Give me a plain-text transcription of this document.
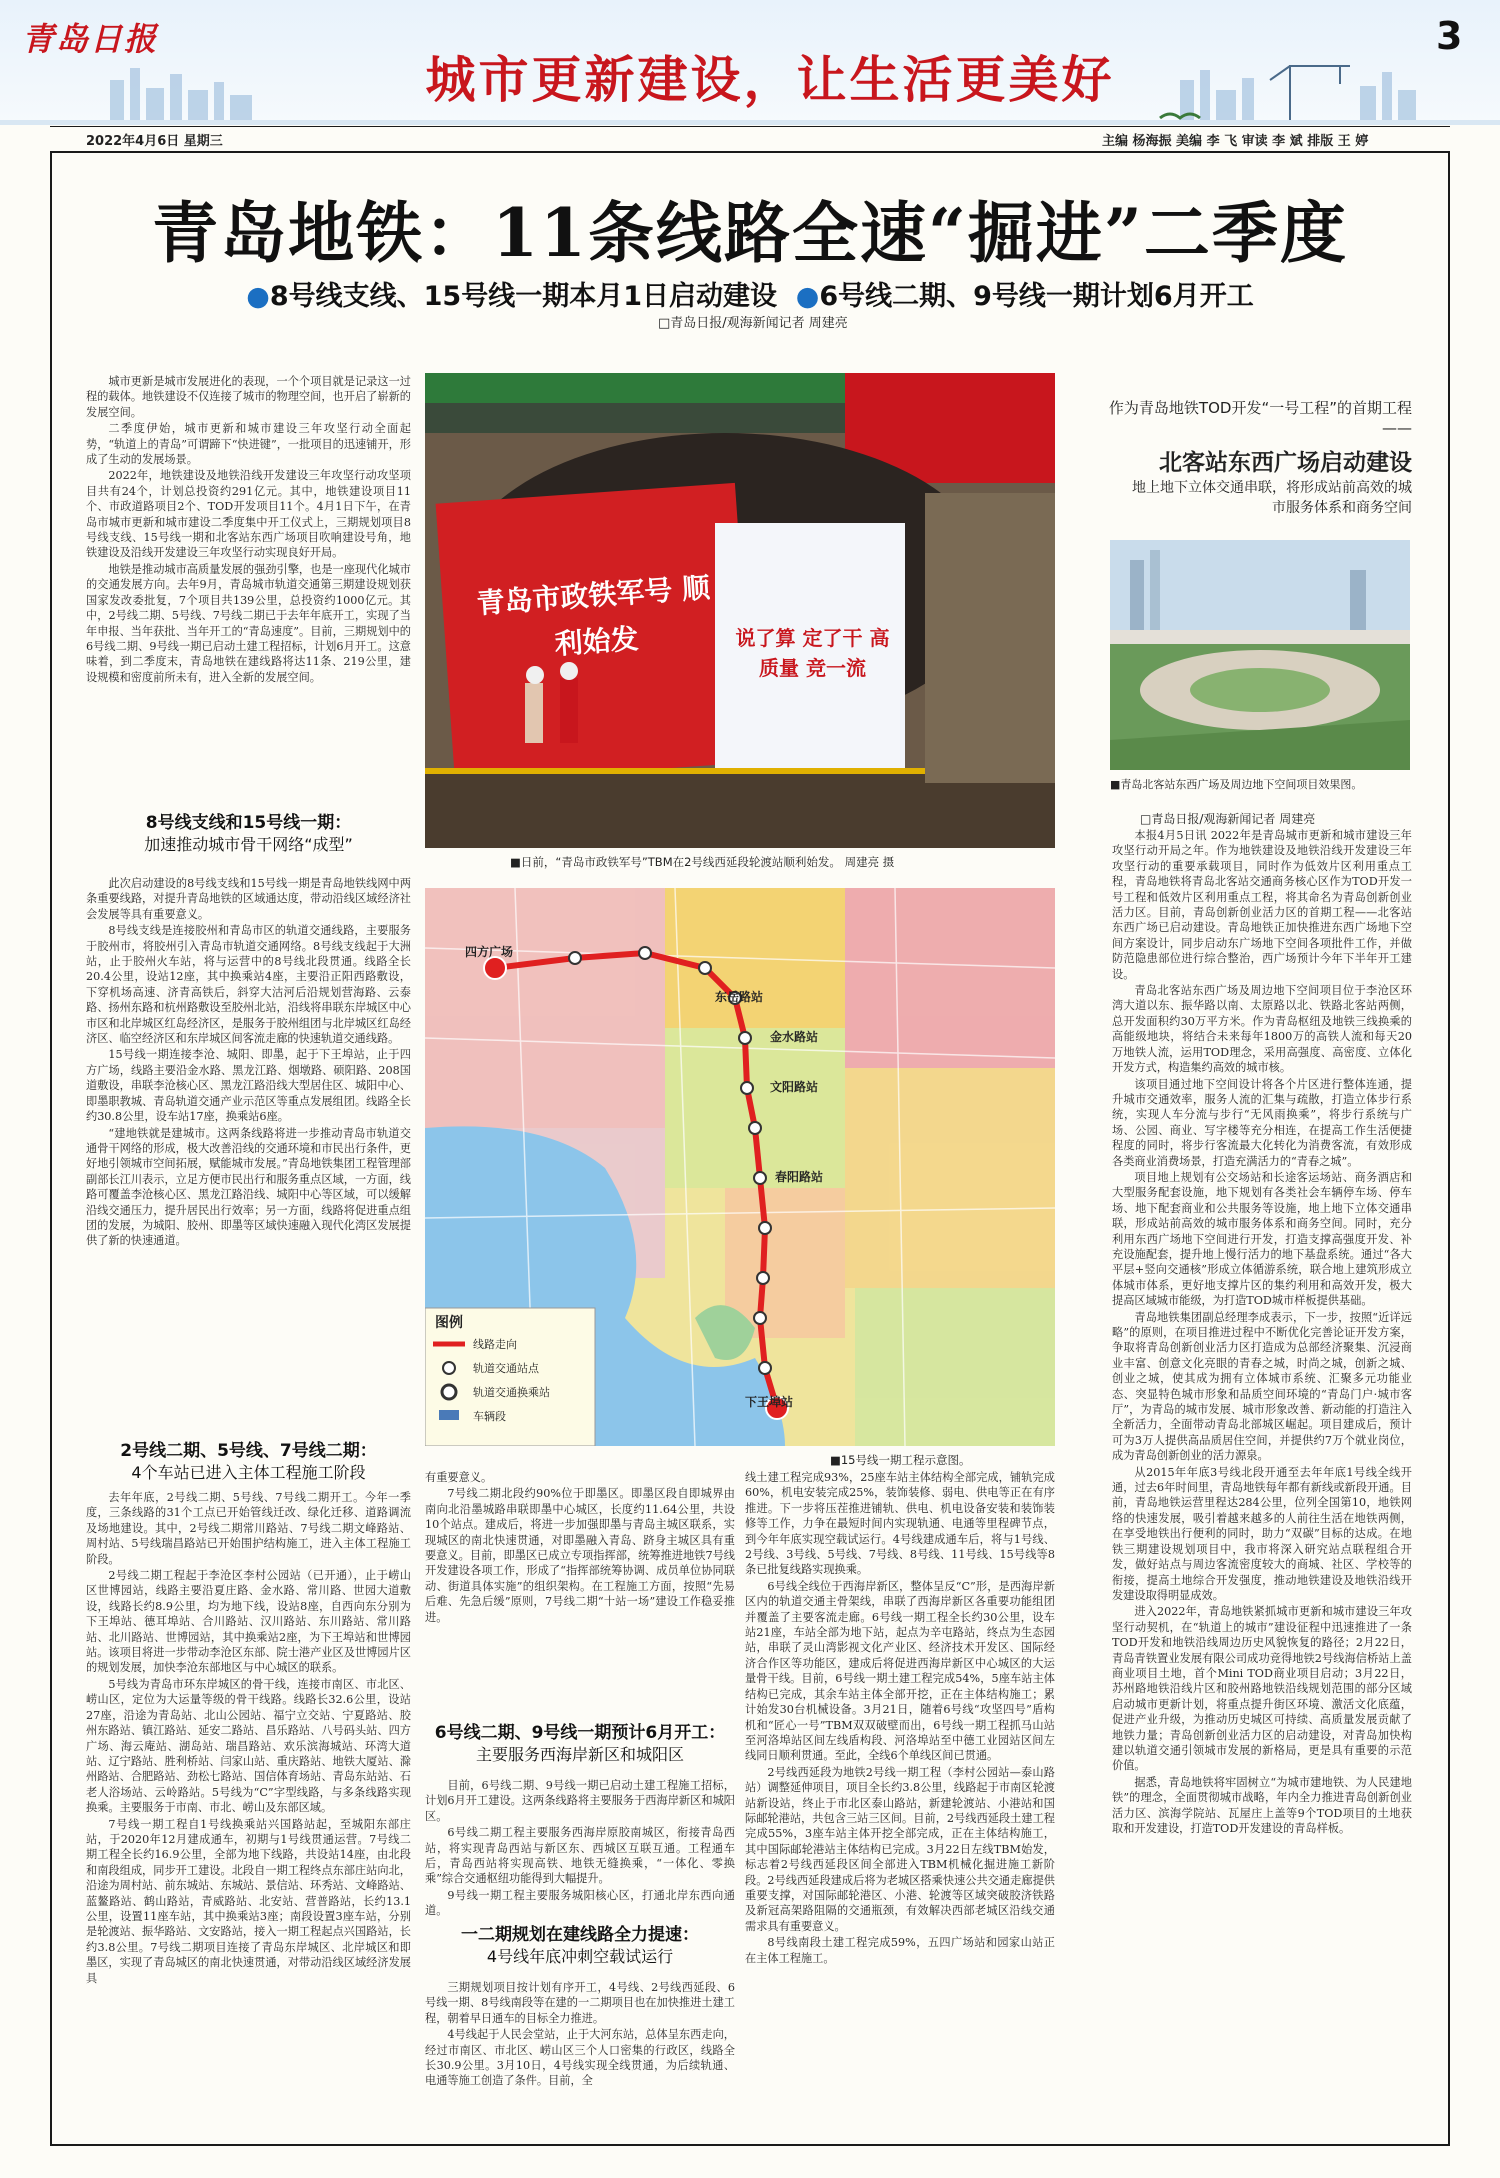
青岛日报
城市更新建设，让生活更美好
3
2022年4月6日 星期三	主编 杨海振 美编 李 飞 审读 李 斌 排版 王 婷
青岛地铁：11条线路全速“掘进”二季度
●8号线支线、15号线一期本月1日启动建设 ●6号线二期、9号线一期计划6月开工
□青岛日报/观海新闻记者 周建亮

城市更新是城市发展进化的表现，一个个项目就是记录这一过程的载体。地铁建设不仅连接了城市的物理空间，也开启了崭新的发展空间。

二季度伊始，城市更新和城市建设三年攻坚行动全面起势，“轨道上的青岛”可谓蹄下“快进键”，一批项目的迅速铺开，形成了生动的发展场景。

2022年，地铁建设及地铁沿线开发建设三年攻坚行动攻坚项目共有24个，计划总投资约291亿元。其中，地铁建设项目11个、市政道路项目2个、TOD开发项目11个。4月1日下午，在青岛市城市更新和城市建设二季度集中开工仪式上，三期规划项目8号线支线、15号线一期和北客站东西广场项目吹响建设号角，地铁建设及沿线开发建设三年攻坚行动实现良好开局。

地铁是推动城市高质量发展的强劲引擎，也是一座现代化城市的交通发展方向。去年9月，青岛城市轨道交通第三期建设规划获国家发改委批复，7个项目共139公里，总投资约1000亿元。其中，2号线二期、5号线、7号线二期已于去年年底开工，实现了当年申报、当年获批、当年开工的“青岛速度”。目前，三期规划中的6号线二期、9号线一期已启动土建工程招标，计划6月开工。这意味着，到二季度末，青岛地铁在建线路将达11条、219公里，建设规模和密度前所未有，进入全新的发展空间。

8号线支线和15号线一期：
加速推动城市骨干网络“成型”

此次启动建设的8号线支线和15号线一期是青岛地铁线网中两条重要线路，对提升青岛地铁的区域通达度，带动沿线区域经济社会发展等具有重要意义。

8号线支线是连接胶州和青岛市区的轨道交通线路，主要服务于胶州市，将胶州引入青岛市轨道交通网络。8号线支线起于大洲站，止于胶州火车站，将与运营中的8号线北段贯通。线路全长20.4公里，设站12座，其中换乘站4座，主要沿正阳西路敷设，下穿机场高速、济青高铁后，斜穿大沽河后沿规划营海路、云泰路、扬州东路和杭州路敷设至胶州北站，沿线将串联东岸城区中心市区和北岸城区红岛经济区，是服务于胶州组团与北岸城区红岛经济区、临空经济区和东岸城区间客流走廊的快速轨道交通线路。

15号线一期连接李沧、城阳、即墨，起于下王埠站，止于四方广场，线路主要沿金水路、黑龙江路、烟墩路、硕阳路、208国道敷设，串联李沧核心区、黑龙江路沿线大型居住区、城阳中心、即墨职教城、青岛轨道交通产业示范区等重点发展组团。线路全长约30.8公里，设车站17座，换乘站6座。

“建地铁就是建城市。这两条线路将进一步推动青岛市轨道交通骨干网络的形成，极大改善沿线的交通环境和市民出行条件，更好地引领城市空间拓展，赋能城市发展。”青岛地铁集团工程管理部副部长江川表示，立足方便市民出行和服务重点区域，一方面，线路可覆盖李沧核心区、黑龙江路沿线、城阳中心等区域，可以缓解沿线交通压力，提升居民出行效率；另一方面，线路将促进重点组团的发展，为城阳、胶州、即墨等区域快速融入现代化湾区发展提供了新的快速通道。

2号线二期、5号线、7号线二期：
4个车站已进入主体工程施工阶段
青岛市政铁军号 顺利始发	说了算 定了干 高质量 竞一流
■日前，“青岛市政铁军号”TBM在2号线西延段轮渡站顺利始发。 周建亮 摄
图例
线路走向
轨道交通站点
轨道交通换乘站
车辆段
四方广场
东岳路站
下王埠站
金水路站
文阳路站
春阳路站
■15号线一期工程示意图。
作为青岛地铁TOD开发“一号工程”的首期工程——
北客站东西广场启动建设
地上地下立体交通串联，将形成站前高效的城市服务体系和商务空间
■青岛北客站东西广场及周边地下空间项目效果图。
□青岛日报/观海新闻记者 周建亮

本报4月5日讯 2022年是青岛城市更新和城市建设三年攻坚行动开局之年。作为地铁建设及地铁沿线开发建设三年攻坚行动的重要承载项目，同时作为低效片区利用重点工程，青岛地铁将青岛北客站交通商务核心区作为TOD开发一号工程和低效片区利用重点工程，将其命名为青岛创新创业活力区。目前，青岛创新创业活力区的首期工程——北客站东西广场已启动建设。青岛地铁正加快推进东西广场地下空间方案设计，同步启动东广场地下空间各项批件工作，并做防范隐患部位进行综合整治，西广场预计今年下半年开工建设。

青岛北客站东西广场及周边地下空间项目位于李沧区环湾大道以东、振华路以南、太原路以北、铁路北客站两侧，总开发面积约30万平方米。作为青岛枢纽及地铁三线换乘的高能级地块，将结合未来每年1800万的高铁人流和每天20万地铁人流，运用TOD理念，采用高强度、高密度、立体化开发方式，构造集约高效的城市核。

该项目通过地下空间设计将各个片区进行整体连通，提升城市交通效率，服务人流的汇集与疏散，打造立体步行系统，实现人车分流与步行“无风雨换乘”，将步行系统与广场、公园、商业、写字楼等充分相连，在提高工作生活便捷程度的同时，将步行客流最大化转化为消费客流，有效形成各类商业消费场景，打造充满活力的“青春之城”。

项目地上规划有公交场站和长途客运场站、商务酒店和大型服务配套设施，地下规划有各类社会车辆停车场、停车场、地下配套商业和公共服务等设施，地上地下立体交通串联，形成站前高效的城市服务体系和商务空间。同时，充分利用东西广场地下空间进行开发，打造支撑高强度开发、补充设施配套，提升地上慢行活力的地下基盘系统。通过“各大平层+竖向交通核”形成立体循游系统，联合地上建筑形成立体城市体系，更好地支撑片区的集约利用和高效开发，极大提高区域城市能级，为打造TOD城市样板提供基础。

青岛地铁集团副总经理李成表示，下一步，按照“近详远略”的原则，在项目推进过程中不断优化完善论证开发方案，争取将青岛创新创业活力区打造成为总部经济聚集、沉浸商业丰富、创意文化亮眼的青春之城，时尚之城，创新之城、创业之城，使其成为拥有立体城市系统、汇聚多元功能业态、突显特色城市形象和品质空间环境的“青岛门户·城市客厅”，为青岛的城市发展、城市形象改善、新动能的打造注入全新活力，全面带动青岛北部城区崛起。项目建成后，预计可为3万人提供高品质居住空间，并提供约7万个就业岗位，成为青岛创新创业的活力源泉。

从2015年年底3号线北段开通至去年年底1号线全线开通，过去6年时间里，青岛地铁每年都有新线或新段开通。目前，青岛地铁运营里程达284公里，位列全国第10，地铁网络的快速发展，吸引着越来越多的人前往生活在地铁两侧，在享受地铁出行便利的同时，助力“双碳”目标的达成。在地铁三期建设规划项目中，我市将深入研究站点联程组合开发，做好站点与周边客流密度较大的商城、社区、学校等的衔接，提高土地综合开发强度，推动地铁建设及地铁沿线开发建设取得明显成效。

进入2022年，青岛地铁紧抓城市更新和城市建设三年攻坚行动契机，在“轨道上的城市”建设征程中迅速推进了一条TOD开发和地铁沿线周边历史风貌恢复的路径；2月22日，青岛青铁置业发展有限公司成功竞得地铁2号线海信桥站上盖商业项目土地，首个Mini TOD商业项目启动；3月22日，苏州路地铁沿线片区和胶州路地铁沿线规划范围的部分区域启动城市更新计划，将重点提升街区环境、激活文化底蕴，促进产业升级，为推动历史城区可持续、高质量发展贡献了地铁力量；青岛创新创业活力区的启动建设，对青岛加快构建以轨道交通引领城市发展的新格局，更是具有重要的示范价值。

据悉，青岛地铁将牢固树立“为城市建地铁、为人民建地铁”的理念，全面贯彻城市战略，年内全力推进青岛创新创业活力区、滨海学院站、瓦屋庄上盖等9个TOD项目的土地获取和开发建设，打造TOD开发建设的青岛样板。

去年年底，2号线二期、5号线、7号线二期开工。今年一季度，三条线路的31个工点已开始管线迁改、绿化迁移、道路调流及场地建设。其中，2号线二期常川路站、7号线二期文峰路站、周村站、5号线瑞昌路站已开始围护结构施工，进入主体工程施工阶段。

2号线二期工程起于李沧区李村公园站（已开通），止于崂山区世博园站，线路主要沿夏庄路、金水路、常川路、世园大道敷设，线路长约8.9公里，均为地下线，设站8座，自西向东分别为下王埠站、德耳埠站、合川路站、汉川路站、东川路站、常川路站、北川路站、世博园站，其中换乘站2座，为下王埠站和世博园站。该项目将进一步带动李沧区东部、院士港产业区及世博园片区的规划发展，加快李沧东部地区与中心城区的联系。

5号线为青岛市环东岸城区的骨干线，连接市南区、市北区、崂山区，定位为大运量等级的骨干线路。线路长32.6公里，设站27座，沿途为青岛站、北山公园站、福宁立交站、宁夏路站、胶州东路站、镇江路站、延安二路站、昌乐路站、八号码头站、四方广场、海云庵站、湖岛站、瑞昌路站、欢乐滨海城站、环湾大道站、辽宁路站、胜利桥站、闫家山站、重庆路站、地铁大厦站、滁州路站、合肥路站、劲松七路站、国信体育场站、青岛东站站、石老人浴场站、云岭路站。5号线为“C”字型线路，与多条线路实现换乘。主要服务于市南、市北、崂山及东部区域。

7号线一期工程自1号线换乘站兴国路站起，至城阳东部庄站，于2020年12月建成通车，初期与1号线贯通运营。7号线二期工程全长约16.9公里，全部为地下线路，共设站14座，由北段和南段组成，同步开工建设。北段自一期工程终点东部庄站向北，沿途为周村站、前东城站、东城站、景信站、环秀站、文峰路站、蓝鳌路站、鹤山路站，青威路站、北安站、营普路站，长约13.1公里，设置11座车站，其中换乘站3座；南段设置3座车站，分别是轮渡站、振华路站、文安路站，接入一期工程起点兴国路站，长约3.8公里。7号线二期项目连接了青岛东岸城区、北岸城区和即墨区，实现了青岛城区的南北快速贯通，对带动沿线区域经济发展具

有重要意义。

7号线二期北段约90%位于即墨区。即墨区段自即城界由南向北沿墨城路串联即墨中心城区，长度约11.64公里，共设10个站点。建成后，将进一步加强即墨与青岛主城区联系，实现城区的南北快速贯通，对即墨融入青岛、跻身主城区具有重要意义。目前，即墨区已成立专项指挥部，统筹推进地铁7号线开发建设各项工作，形成了“指挥部统筹协调、成员单位协同联动、街道具体实施”的组织架构。在工程施工方面，按照“先易后难、先急后缓”原则，7号线二期“十站一场”建设工作稳妥推进。

6号线二期、9号线一期预计6月开工：
主要服务西海岸新区和城阳区

目前，6号线二期、9号线一期已启动土建工程施工招标，计划6月开工建设。这两条线路将主要服务于西海岸新区和城阳区。

6号线二期工程主要服务西海岸原胶南城区，衔接青岛西站，将实现青岛西站与新区东、西城区互联互通。工程通车后，青岛西站将实现高铁、地铁无缝换乘，“一体化、零换乘”综合交通枢纽功能得到大幅提升。

9号线一期工程主要服务城阳核心区，打通北岸东西向通道。

一二期规划在建线路全力提速：
4号线年底冲刺空载试运行

三期规划项目按计划有序开工，4号线、2号线西延段、6号线一期、8号线南段等在建的一二期项目也在加快推进土建工程，朝着早日通车的目标全力推进。

4号线起于人民会堂站，止于大河东站，总体呈东西走向，经过市南区、市北区、崂山区三个人口密集的行政区，线路全长30.9公里。3月10日，4号线实现全线贯通，为后续轨通、电通等施工创造了条件。目前，全

线土建工程完成93%，25座车站主体结构全部完成，铺轨完成60%，机电安装完成25%，装饰装修、弱电、供电等正在有序推进。下一步将压茬推进铺轨、供电、机电设备安装和装饰装修等工作，力争在最短时间内实现轨通、电通等里程碑节点，到今年年底实现空载试运行。4号线建成通车后，将与1号线、2号线、3号线、5号线、7号线、8号线、11号线、15号线等8条已批复线路实现换乘。

6号线全线位于西海岸新区，整体呈反“C”形，是西海岸新区内的轨道交通主骨架线，串联了西海岸新区各重要功能组团并覆盖了主要客流走廊。6号线一期工程全长约30公里，设车站21座，车站全部为地下站，起点为辛屯路站，终点为生态园站，串联了灵山湾影视文化产业区、经济技术开发区、国际经济合作区等功能区，建成后将促进西海岸新区中心城区的大运量骨干线。目前，6号线一期土建工程完成54%，5座车站主体结构已完成，其余车站主体全部开挖，正在主体结构施工；累计始发30台机械设备。3月21日，随着6号线“攻坚四号”盾构机和“匠心一号”TBM双双破壁而出，6号线一期工程抓马山站至河洛埠站区间左线盾构段、河洛埠站至中德工业园站区间左线同日顺利贯通。至此，全线6个单线区间已贯通。

2号线西延段为地铁2号线一期工程（李村公园站—泰山路站）调整延伸项目，项目全长约3.8公里，线路起于市南区轮渡站新设站，终止于市北区泰山路站，新建轮渡站、小港站和国际邮轮港站，共包含三站三区间。目前，2号线西延段土建工程完成55%，3座车站主体开挖全部完成，正在主体结构施工，其中国际邮轮港站主体结构已完成。3月22日左线TBM始发，标志着2号线西延段区间全部进入TBM机械化掘进施工新阶段。2号线西延段建成后将为老城区搭乘快速公共交通走廊提供重要支撑，对国际邮轮港区、小港、轮渡等区域突破胶济铁路及新冠高架路阻隔的交通瓶颈，有效解决西部老城区沿线交通需求具有重要意义。

8号线南段土建工程完成59%，五四广场站和园家山站正在主体工程施工。
